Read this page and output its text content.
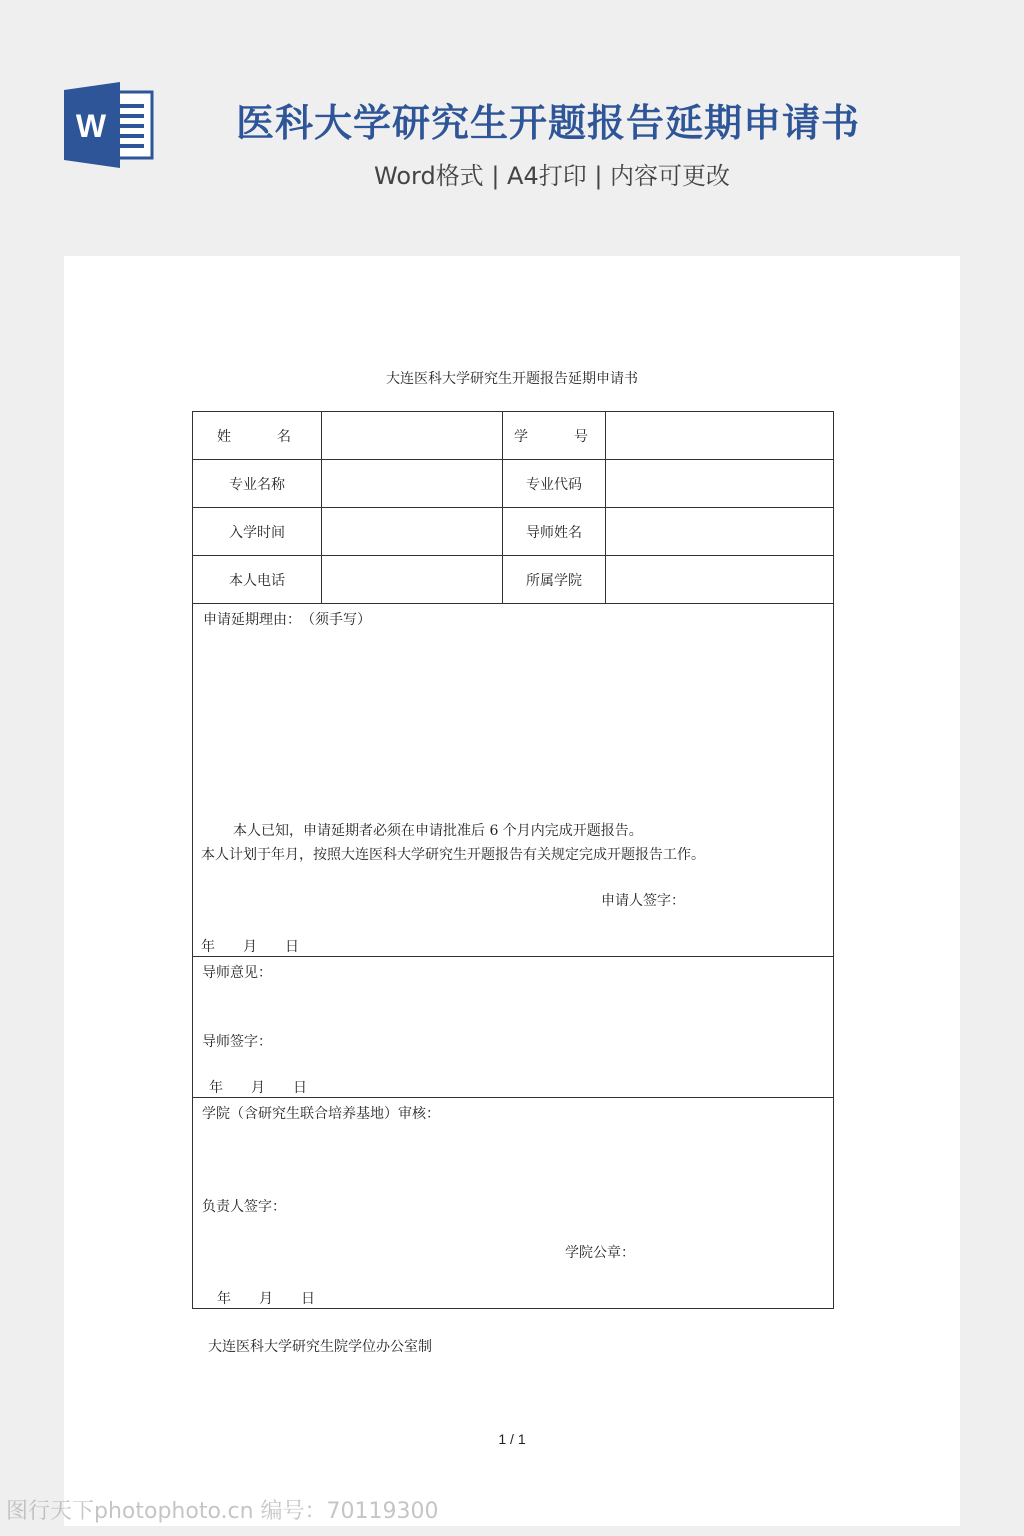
W	医科大学研究生开题报告延期申请书
Word格式 | A4打印 | 内容可更改
大连医科大学研究生开题报告延期申请书
姓　　名		学　　号	
专业名称		专业代码	
入学时间		导师姓名	
本人电话		所属学院	

申请延期理由：　（须手写）
本人已知，申请延期者必须在申请批准后 6 个月内完成开题报告。
本人计划于年月，按照大连医科大学研究生开题报告有关规定完成开题报告工作。
申请人签字：
年　　月　　日			

导师意见：
导师签字：
年　　月　　日			

学院（含研究生联合培养基地）审核：
负责人签字：
学院公章：
年　　月　　日			
大连医科大学研究生院学位办公室制
1 / 1
图行天下photophoto.cn 编号：70119300
